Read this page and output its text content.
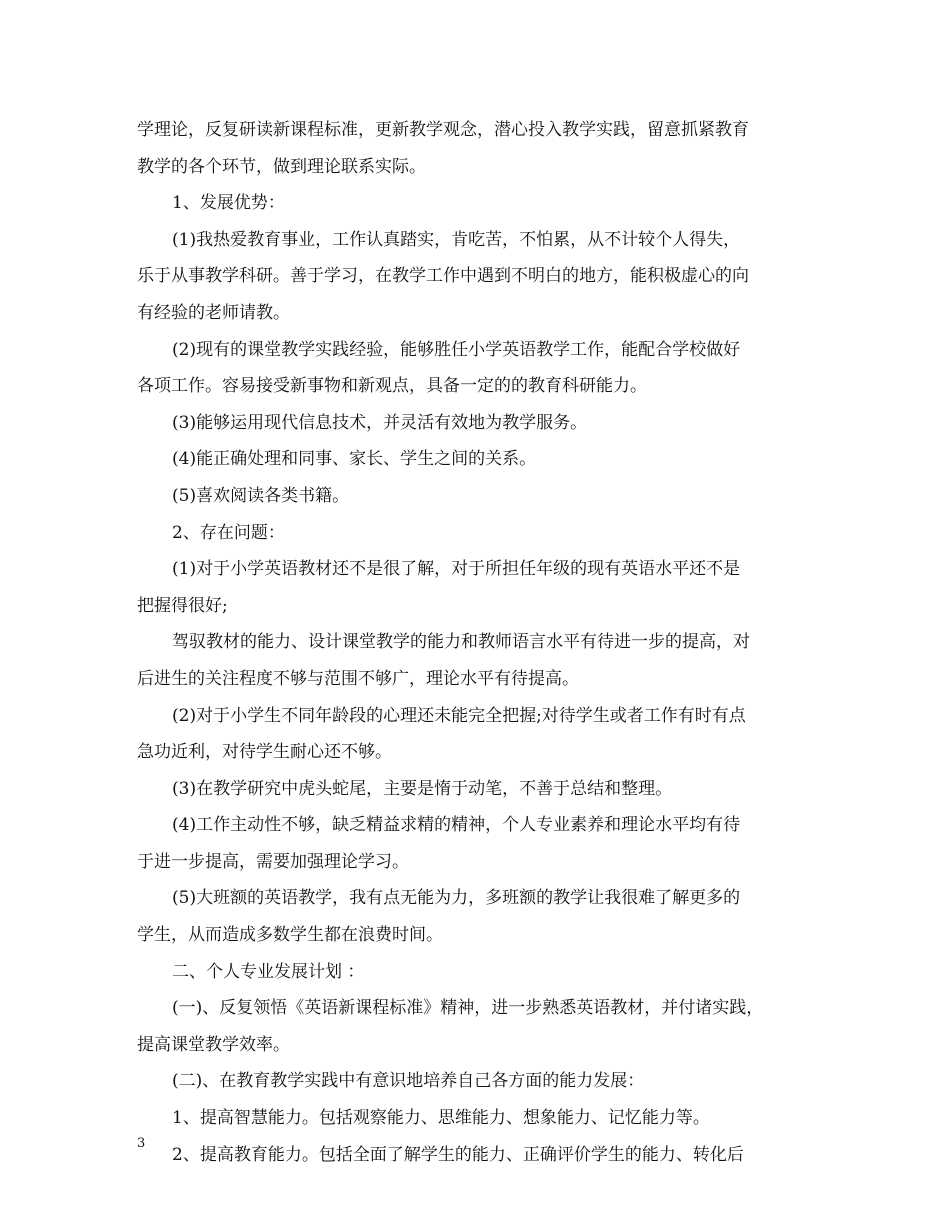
学理论，反复研读新课程标准，更新教学观念，潜心投入教学实践，留意抓紧教育
教学的各个环节，做到理论联系实际。
1、发展优势：
(1)我热爱教育事业，工作认真踏实，肯吃苦，不怕累，从不计较个人得失，
乐于从事教学科研。善于学习，在教学工作中遇到不明白的地方，能积极虚心的向
有经验的老师请教。
(2)现有的课堂教学实践经验，能够胜任小学英语教学工作，能配合学校做好
各项工作。容易接受新事物和新观点，具备一定的的教育科研能力。
(3)能够运用现代信息技术，并灵活有效地为教学服务。
(4)能正确处理和同事、家长、学生之间的关系。
(5)喜欢阅读各类书籍。
2、存在问题：
(1)对于小学英语教材还不是很了解，对于所担任年级的现有英语水平还不是
把握得很好;
驾驭教材的能力、设计课堂教学的能力和教师语言水平有待进一步的提高，对
后进生的关注程度不够与范围不够广，理论水平有待提高。
(2)对于小学生不同年龄段的心理还未能完全把握;对待学生或者工作有时有点
急功近利，对待学生耐心还不够。
(3)在教学研究中虎头蛇尾，主要是惰于动笔，不善于总结和整理。
(4)工作主动性不够，缺乏精益求精的精神，个人专业素养和理论水平均有待
于进一步提高，需要加强理论学习。
(5)大班额的英语教学，我有点无能为力，多班额的教学让我很难了解更多的
学生，从而造成多数学生都在浪费时间。
二、个人专业发展计划 ：
(一)、反复领悟《英语新课程标准》精神，进一步熟悉英语教材，并付诸实践，
提高课堂教学效率。
(二)、在教育教学实践中有意识地培养自己各方面的能力发展：
1、提高智慧能力。包括观察能力、思维能力、想象能力、记忆能力等。
2、提高教育能力。包括全面了解学生的能力、正确评价学生的能力、转化后
3
